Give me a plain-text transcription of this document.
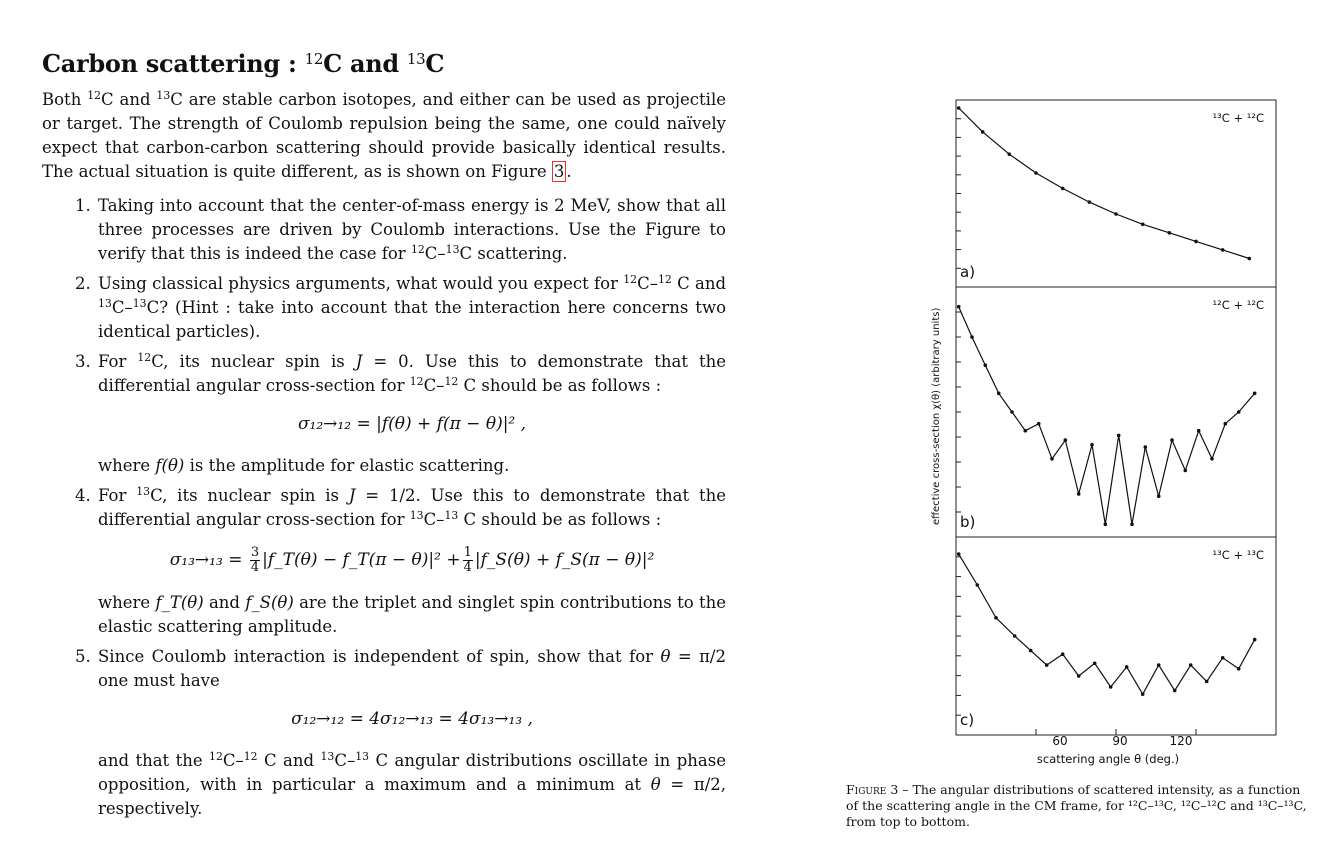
Carbon scattering : $^{12}$C and $^{13}$C

Both $^{12}$C and $^{13}$C are stable carbon isotopes, and either can be used as projectile or target. The strength of Coulomb repulsion being the same, one could naïvely expect that carbon-carbon scattering should provide basically identical results. The actual situation is quite different, as is shown on Figure 3 .

1. Taking into account that the center-of-mass energy is 2 MeV, show that all three processes are driven by Coulomb interactions. Use the Figure to verify that this is indeed the case for $^{12}$C–$^{13}$C scattering.
2. Using classical physics arguments, what would you expect for $^{12}$C–$^{12}$ C and $^{13}$C–$^{13}$C? (Hint : take into account that the interaction here concerns two identical particles).
3. For $^{12}$C, its nuclear spin is J = 0. Use this to demonstrate that the differential angular cross-section for $^{12}$C–$^{12}$ C should be as follows :
σ₁₂→₁₂ = |f(θ) + f(π − θ)|² ,
where f(θ) is the amplitude for elastic scattering.
4. For $^{13}$C, its nuclear spin is J = 1/2. Use this to demonstrate that the differential angular cross-section for $^{13}$C–$^{13}$ C should be as follows :
$\sigma_{13}\to_{13} = \frac{3}{4}$ |f_T(θ) − f_T(π − $\theta)|^2 + \frac{1}{4}$ |f_S(θ) + f_S(π − θ)|²
where f_T(θ) and f_S(θ) are the triplet and singlet spin contributions to the elastic scattering amplitude.
5. Since Coulomb interaction is independent of spin, show that for θ = π/2 one must have
σ₁₂→₁₂ = 4σ₁₂→₁₃ = 4σ₁₃→₁₃ ,
and that the $^{12}$C–$^{12}$ C and $^{13}$C–$^{13}$ C angular distributions oscillate in phase opposition, with in particular a maximum and a minimum at θ = π/2, respectively.
effective cross-section χ(θ) (arbitrary units)
a)
¹³C + ¹²C
b)
¹²C + ¹²C
c)
¹³C + ¹³C
60	90	120
scattering angle θ (deg.)
Figure 3 – The angular distributions of scattered intensity, as a function of the scattering angle in the CM frame, for ¹²C–¹³C, ¹²C–¹²C and ¹³C–¹³C, from top to bottom.
